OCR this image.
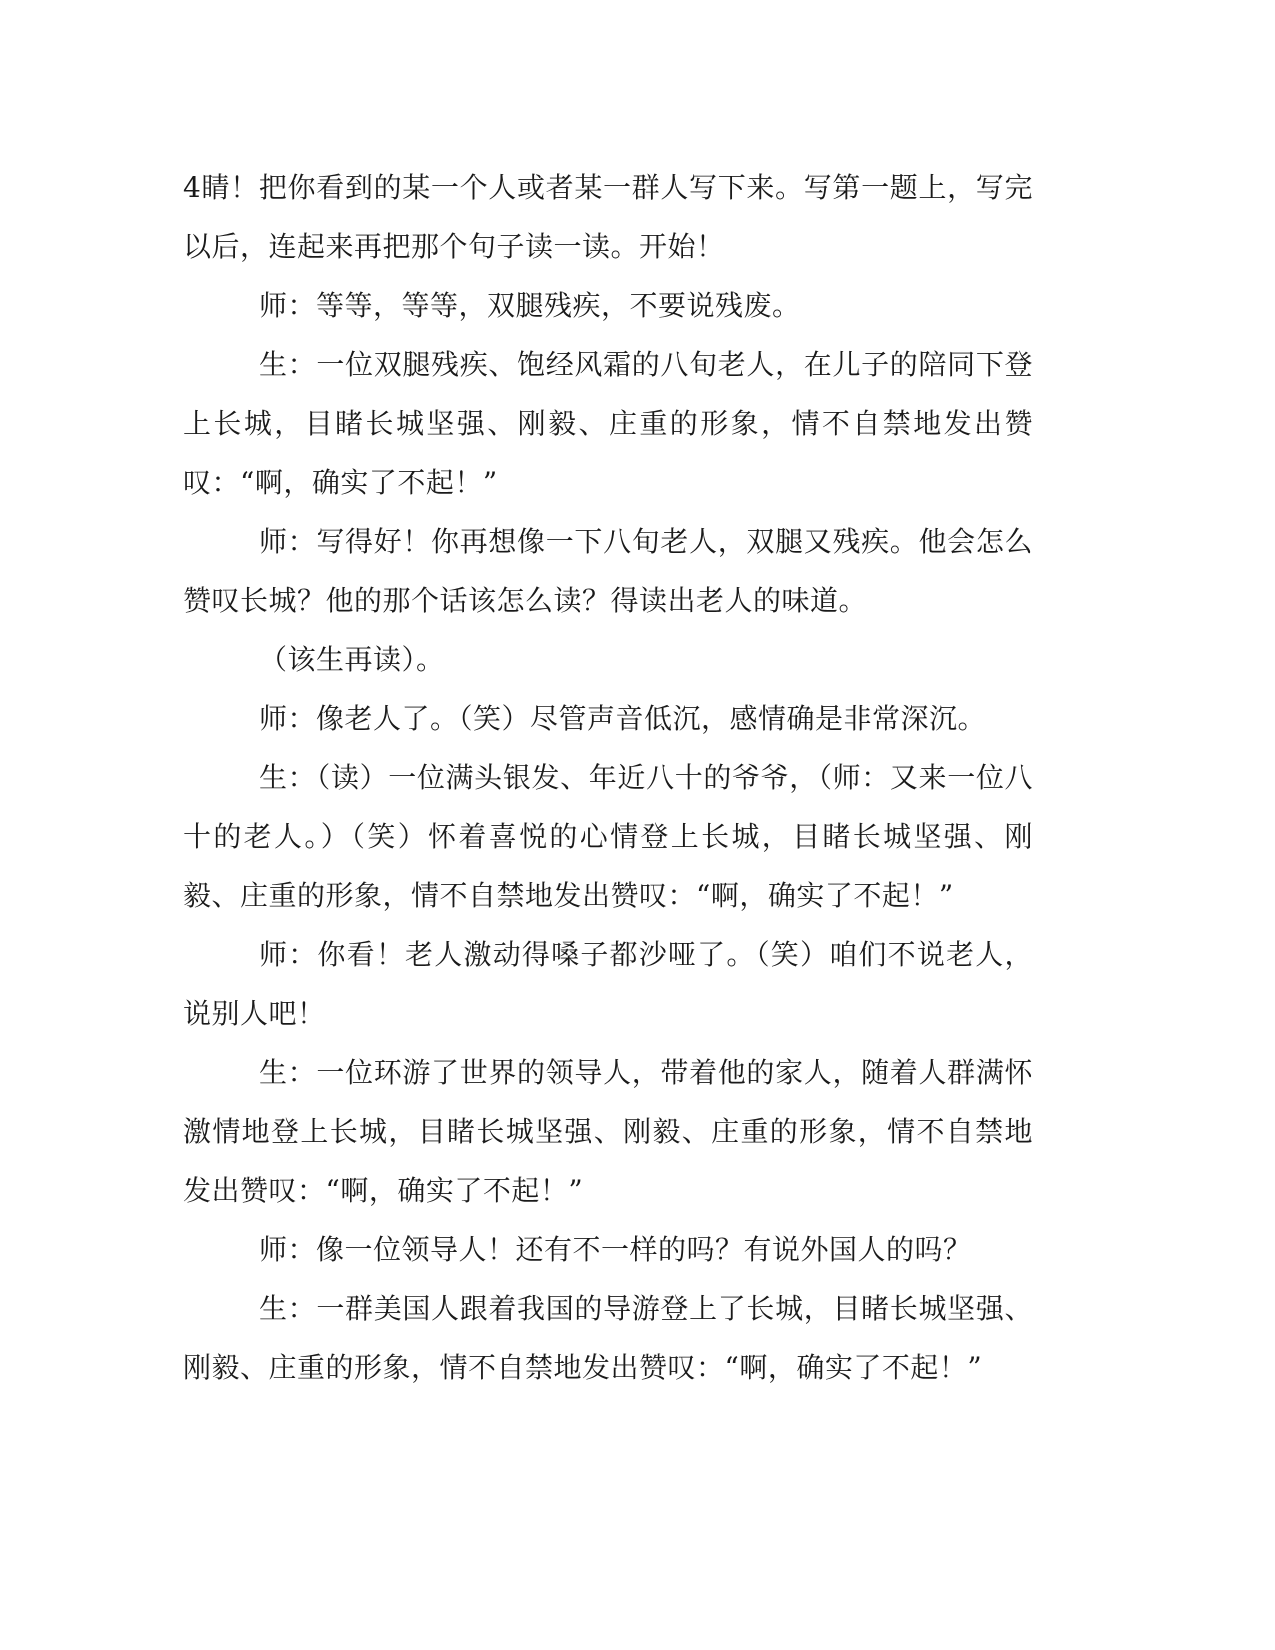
4睛！把你看到的某一个人或者某一群人写下来。写第一题上，写完以后，连起来再把那个句子读一读。开始！

师：等等，等等，双腿残疾，不要说残废。

生：一位双腿残疾、饱经风霜的八旬老人，在儿子的陪同下登上长城，目睹长城坚强、刚毅、庄重的形象，情不自禁地发出赞叹：“啊，确实了不起！”

师：写得好！你再想像一下八旬老人，双腿又残疾。他会怎么赞叹长城？他的那个话该怎么读？得读出老人的味道。

（该生再读）。

师：像老人了。（笑）尽管声音低沉，感情确是非常深沉。

生：（读）一位满头银发、年近八十的爷爷，（师：又来一位八十的老人。）（笑）怀着喜悦的心情登上长城，目睹长城坚强、刚毅、庄重的形象，情不自禁地发出赞叹：“啊，确实了不起！”

师：你看！老人激动得嗓子都沙哑了。（笑）咱们不说老人，说别人吧！

生：一位环游了世界的领导人，带着他的家人，随着人群满怀激情地登上长城，目睹长城坚强、刚毅、庄重的形象，情不自禁地发出赞叹：“啊，确实了不起！”

师：像一位领导人！还有不一样的吗？有说外国人的吗？

生：一群美国人跟着我国的导游登上了长城，目睹长城坚强、刚毅、庄重的形象，情不自禁地发出赞叹：“啊，确实了不起！”
